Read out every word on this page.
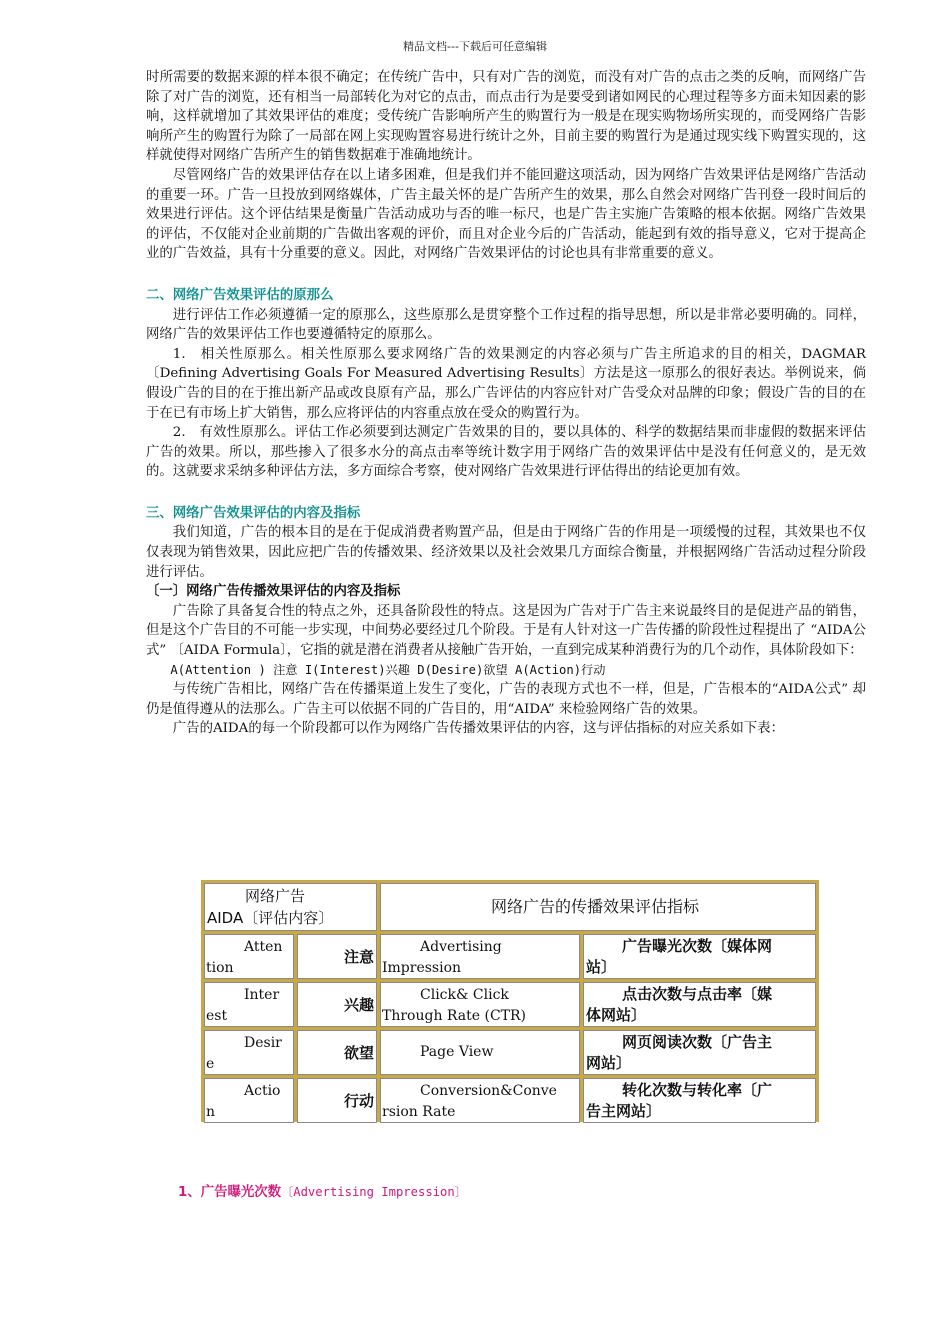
精品文档---下载后可任意编辑

时所需要的数据来源的样本很不确定；在传统广告中，只有对广告的浏览，而没有对广告的点击之类的反响，而网络广告除了对广告的浏览，还有相当一局部转化为对它的点击，而点击行为是要受到诸如网民的心理过程等多方面未知因素的影响，这样就增加了其效果评估的难度；受传统广告影响所产生的购置行为一般是在现实购物场所实现的，而受网络广告影响所产生的购置行为除了一局部在网上实现购置容易进行统计之外，目前主要的购置行为是通过现实线下购置实现的，这样就使得对网络广告所产生的销售数据难于准确地统计。

尽管网络广告的效果评估存在以上诸多困难，但是我们并不能回避这项活动，因为网络广告效果评估是网络广告活动的重要一环。广告一旦投放到网络媒体，广告主最关怀的是广告所产生的效果，那么自然会对网络广告刊登一段时间后的效果进行评估。这个评估结果是衡量广告活动成功与否的唯一标尺，也是广告主实施广告策略的根本依据。网络广告效果的评估，不仅能对企业前期的广告做出客观的评价，而且对企业今后的广告活动，能起到有效的指导意义，它对于提高企业的广告效益，具有十分重要的意义。因此，对网络广告效果评估的讨论也具有非常重要的意义。

二、网络广告效果评估的原那么

进行评估工作必须遵循一定的原那么，这些原那么是贯穿整个工作过程的指导思想，所以是非常必要明确的。同样，网络广告的效果评估工作也要遵循特定的原那么。

1.　相关性原那么。相关性原那么要求网络广告的效果测定的内容必须与广告主所追求的目的相关，DAGMAR〔Defining Advertising Goals For Measured Advertising Results〕方法是这一原那么的很好表达。举例说来，倘假设广告的目的在于推出新产品或改良原有产品，那么广告评估的内容应针对广告受众对品牌的印象；假设广告的目的在于在已有市场上扩大销售，那么应将评估的内容重点放在受众的购置行为。

2.　有效性原那么。评估工作必须要到达测定广告效果的目的，要以具体的、科学的数据结果而非虚假的数据来评估广告的效果。所以，那些掺入了很多水分的高点击率等统计数字用于网络广告的效果评估中是没有任何意义的，是无效的。这就要求采纳多种评估方法，多方面综合考察，使对网络广告效果进行评估得出的结论更加有效。

三、网络广告效果评估的内容及指标

我们知道，广告的根本目的是在于促成消费者购置产品，但是由于网络广告的作用是一项缓慢的过程，其效果也不仅仅表现为销售效果，因此应把广告的传播效果、经济效果以及社会效果几方面综合衡量，并根据网络广告活动过程分阶段进行评估。

〔一〕网络广告传播效果评估的内容及指标

广告除了具备复合性的特点之外，还具备阶段性的特点。这是因为广告对于广告主来说最终目的是促进产品的销售，但是这个广告目的不可能一步实现，中间势必要经过几个阶段。于是有人针对这一广告传播的阶段性过程提出了 “AIDA公式” 〔AIDA Formula〕，它指的就是潜在消费者从接触广告开始，一直到完成某种消费行为的几个动作，具体阶段如下：

A(Attention ) 注意 I(Interest)兴趣 D(Desire)欲望 A(Action)行动

与传统广告相比，网络广告在传播渠道上发生了变化，广告的表现方式也不一样，但是，广告根本的“AIDA公式” 却仍是值得遵从的法那么。广告主可以依据不同的广告目的，用“AIDA” 来检验网络广告的效果。

广告的AIDA的每一个阶段都可以作为网络广告传播效果评估的内容，这与评估指标的对应关系如下表：

网络广告
AIDA〔评估内容〕
网络广告的传播效果评估指标
Atten
tion
注意
Advertising
Impression
广告曝光次数〔媒体网
站〕
Inter
est
兴趣
Click& Click
Through Rate (CTR)
点击次数与点击率〔媒
体网站〕
Desir
e
欲望	Page View
网页阅读次数〔广告主
网站〕
Actio
n
行动
Conversion&Conve
rsion Rate
转化次数与转化率〔广
告主网站〕
1、广告曝光次数〔Advertising Impression〕
